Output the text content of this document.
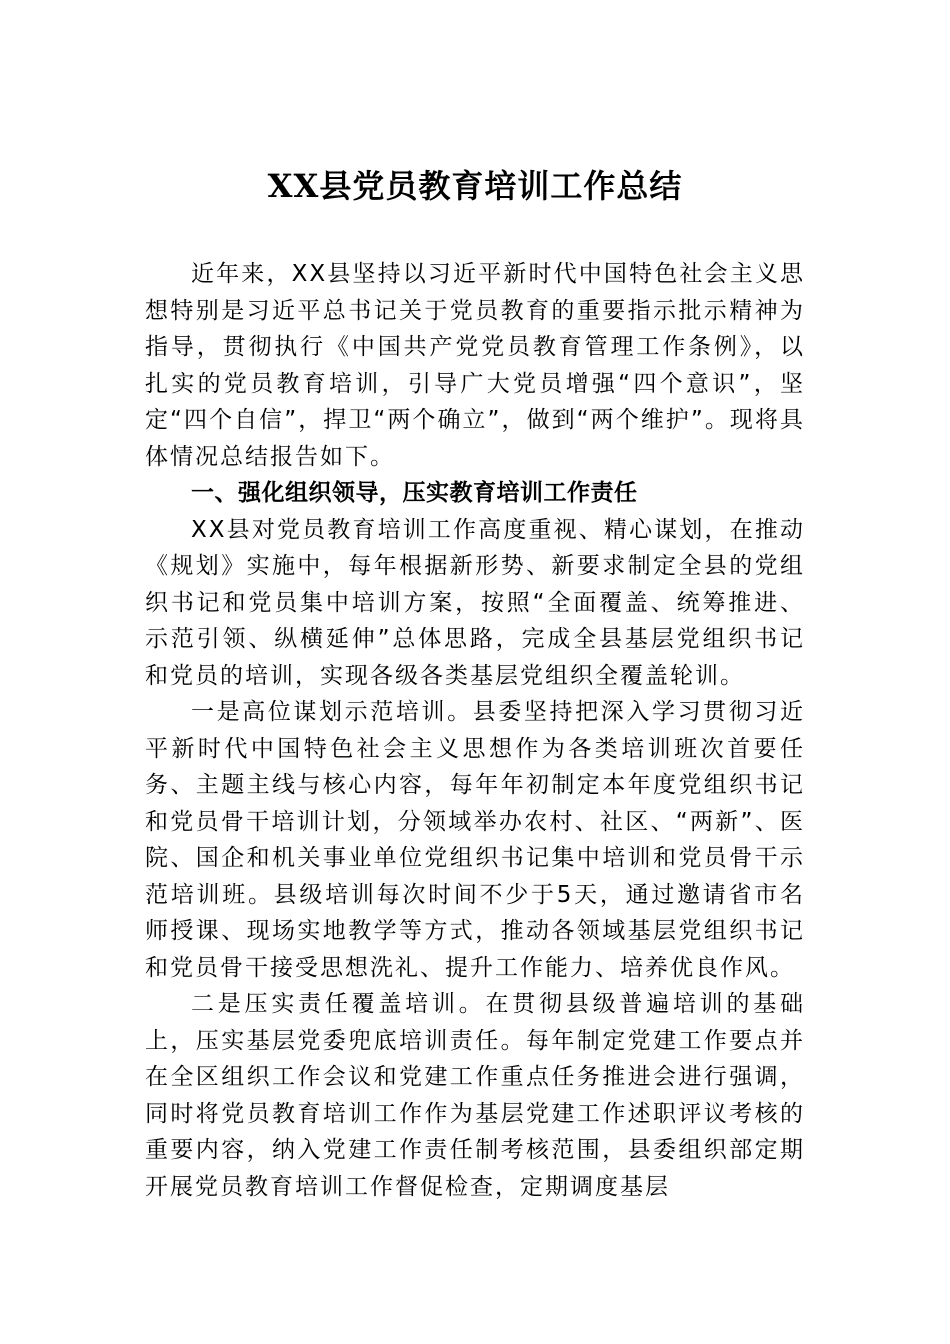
XX县党员教育培训工作总结

近年来，XX县坚持以习近平新时代中国特色社会主义思想特别是习近平总书记关于党员教育的重要指示批示精神为指导，贯彻执行《中国共产党党员教育管理工作条例》，以扎实的党员教育培训，引导广大党员增强“四个意识”，坚定“四个自信”，捍卫“两个确立”，做到“两个维护”。现将具体情况总结报告如下。

一、强化组织领导，压实教育培训工作责任

XX县对党员教育培训工作高度重视、精心谋划，在推动《规划》实施中，每年根据新形势、新要求制定全县的党组织书记和党员集中培训方案，按照“全面覆盖、统筹推进、示范引领、纵横延伸”总体思路，完成全县基层党组织书记和党员的培训，实现各级各类基层党组织全覆盖轮训。

一是高位谋划示范培训。县委坚持把深入学习贯彻习近平新时代中国特色社会主义思想作为各类培训班次首要任务、主题主线与核心内容，每年年初制定本年度党组织书记和党员骨干培训计划，分领域举办农村、社区、“两新”、医院、国企和机关事业单位党组织书记集中培训和党员骨干示范培训班。县级培训每次时间不少于5天，通过邀请省市名师授课、现场实地教学等方式，推动各领域基层党组织书记和党员骨干接受思想洗礼、提升工作能力、培养优良作风。

二是压实责任覆盖培训。在贯彻县级普遍培训的基础上，压实基层党委兜底培训责任。每年制定党建工作要点并在全区组织工作会议和党建工作重点任务推进会进行强调，同时将党员教育培训工作作为基层党建工作述职评议考核的重要内容，纳入党建工作责任制考核范围，县委组织部定期开展党员教育培训工作督促检查，定期调度基层
